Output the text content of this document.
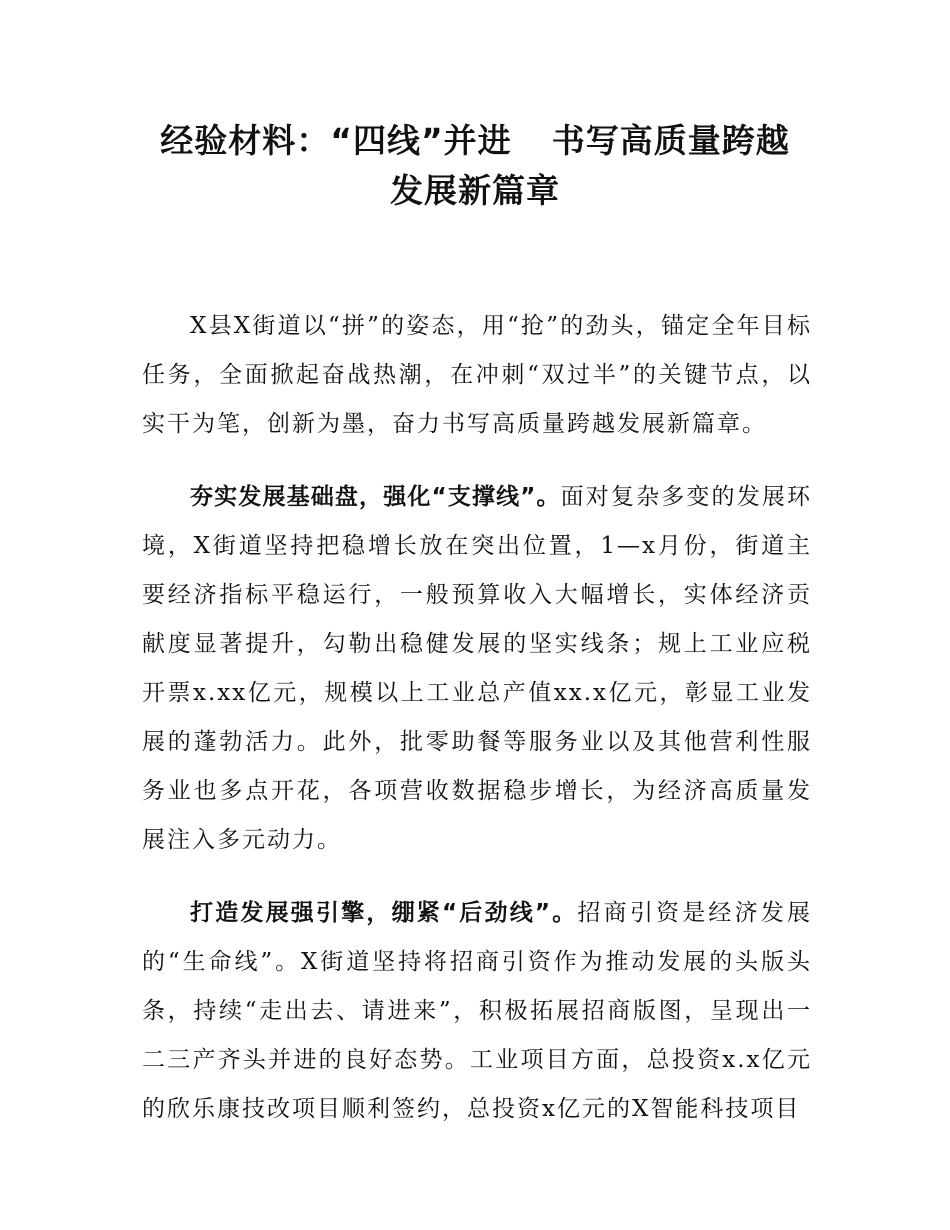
经验材料：“四线”并进 书写高质量跨越
发展新篇章

X县X街道以“拼”的姿态，用“抢”的劲头，锚定全年目标任务，全面掀起奋战热潮，在冲刺“双过半”的关键节点，以实干为笔，创新为墨，奋力书写高质量跨越发展新篇章。

夯实发展基础盘，强化“支撑线”。面对复杂多变的发展环境，X街道坚持把稳增长放在突出位置，1—x月份，街道主要经济指标平稳运行，一般预算收入大幅增长，实体经济贡献度显著提升，勾勒出稳健发展的坚实线条；规上工业应税开票x.xx亿元，规模以上工业总产值xx.x亿元，彰显工业发展的蓬勃活力。此外，批零助餐等服务业以及其他营利性服务业也多点开花，各项营收数据稳步增长，为经济高质量发展注入多元动力。

打造发展强引擎，绷紧“后劲线”。招商引资是经济发展的“生命线”。X街道坚持将招商引资作为推动发展的头版头条，持续“走出去、请进来”，积极拓展招商版图，呈现出一二三产齐头并进的良好态势。工业项目方面，总投资x.x亿元的欣乐康技改项目顺利签约，总投资x亿元的X智能科技项目
